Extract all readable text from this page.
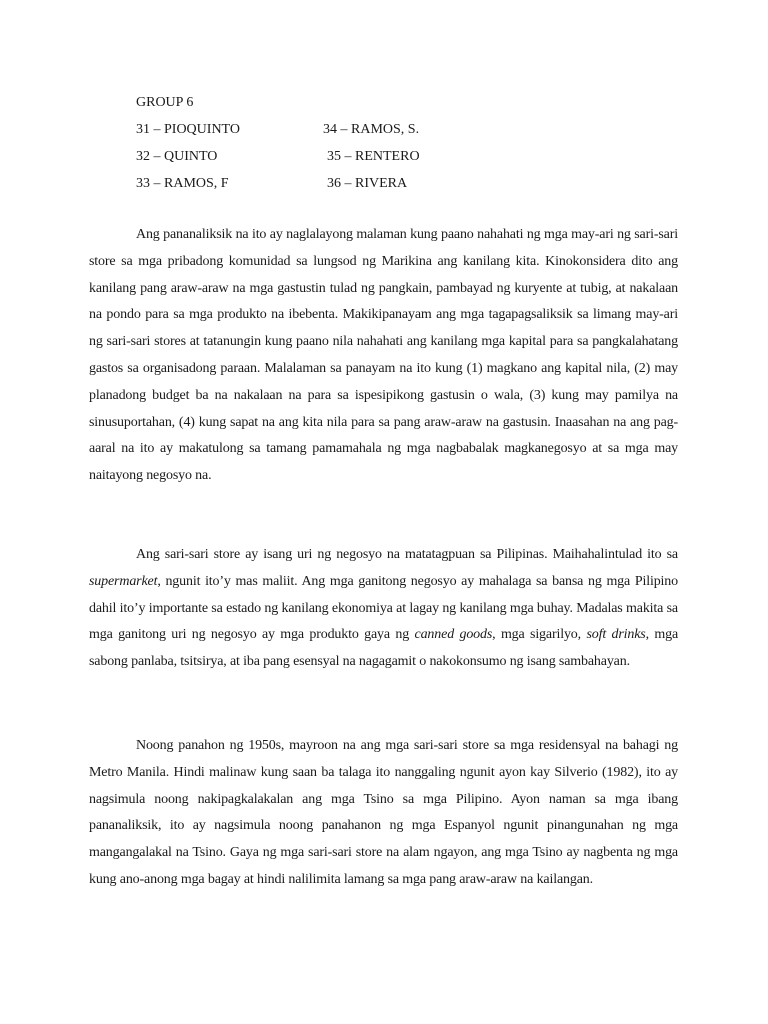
GROUP 6
31 – PIOQUINTO	34 – RAMOS, S.
32 – QUINTO	35 – RENTERO
33 – RAMOS, F	36 – RIVERA

Ang pananaliksik na ito ay naglalayong malaman kung paano nahahati ng mga may-ari ng sari-sari store sa mga pribadong komunidad sa lungsod ng Marikina ang kanilang kita. Kinokonsidera dito ang kanilang pang araw-araw na mga gastustin tulad ng pangkain, pambayad ng kuryente at tubig, at nakalaan na pondo para sa mga produkto na ibebenta. Makikipanayam ang mga tagapagsaliksik sa limang may-ari ng sari-sari stores at tatanungin kung paano nila nahahati ang kanilang mga kapital para sa pangkalahatang gastos sa organisadong paraan. Malalaman sa panayam na ito kung (1) magkano ang kapital nila, (2) may planadong budget ba na nakalaan na para sa ispesipikong gastusin o wala, (3) kung may pamilya na sinusuportahan, (4) kung sapat na ang kita nila para sa pang araw-araw na gastusin. Inaasahan na ang pag-aaral na ito ay makatulong sa tamang pamamahala ng mga nagbabalak magkanegosyo at sa mga may naitayong negosyo na.

Ang sari-sari store ay isang uri ng negosyo na matatagpuan sa Pilipinas. Maihahalintulad ito sa supermarket, ngunit ito’y mas maliit. Ang mga ganitong negosyo ay mahalaga sa bansa ng mga Pilipino dahil ito’y importante sa estado ng kanilang ekonomiya at lagay ng kanilang mga buhay. Madalas makita sa mga ganitong uri ng negosyo ay mga produkto gaya ng canned goods, mga sigarilyo, soft drinks, mga sabong panlaba, tsitsirya, at iba pang esensyal na nagagamit o nakokonsumo ng isang sambahayan.

Noong panahon ng 1950s, mayroon na ang mga sari-sari store sa mga residensyal na bahagi ng Metro Manila. Hindi malinaw kung saan ba talaga ito nanggaling ngunit ayon kay Silverio (1982), ito ay nagsimula noong nakipagkalakalan ang mga Tsino sa mga Pilipino. Ayon naman sa mga ibang pananaliksik, ito ay nagsimula noong panahanon ng mga Espanyol ngunit pinangunahan ng mga mangangalakal na Tsino. Gaya ng mga sari-sari store na alam ngayon, ang mga Tsino ay nagbenta ng mga kung ano-anong mga bagay at hindi nalilimita lamang sa mga pang araw-araw na kailangan.
